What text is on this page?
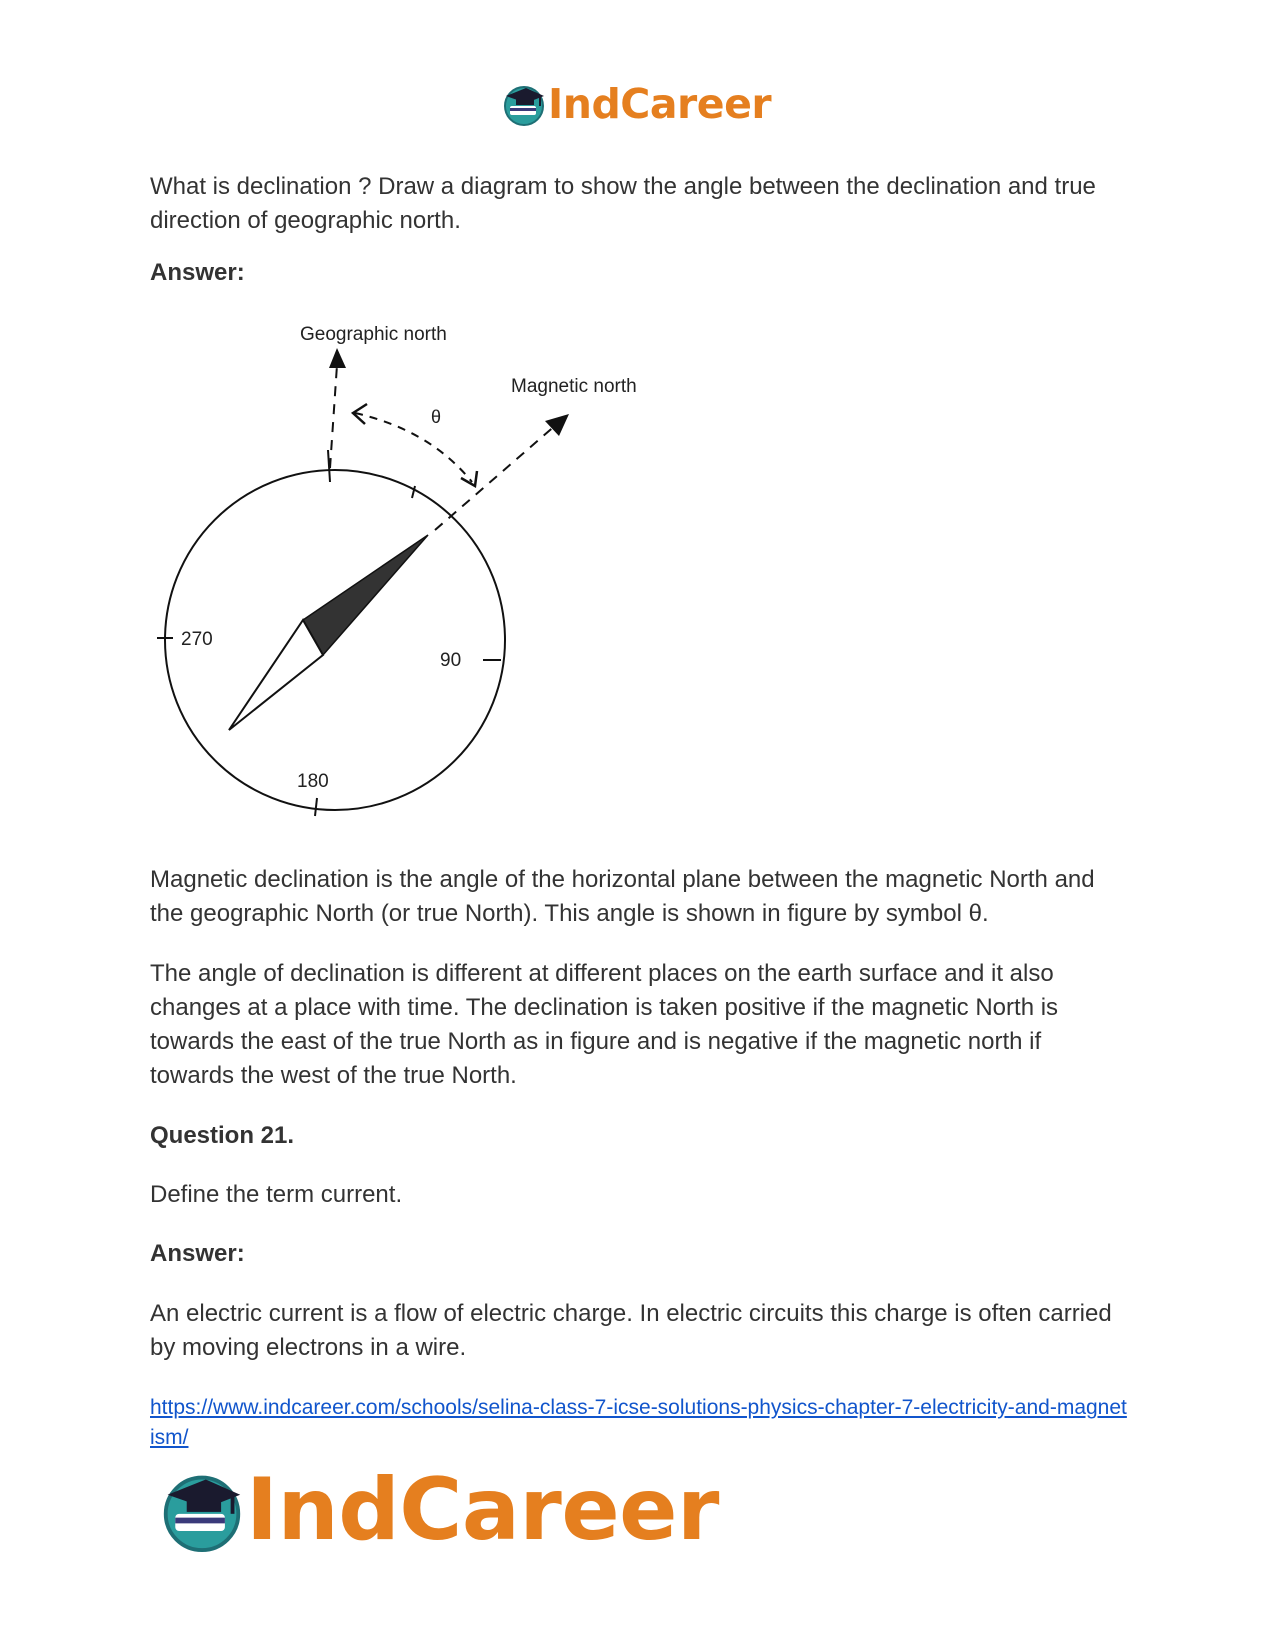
IndCareer

What is declination ? Draw a diagram to show the angle between the declination and true direction of geographic north.

Answer:

Geographic north
Magnetic north
θ
270
90
180

Magnetic declination is the angle of the horizontal plane between the magnetic North and the geographic North (or true North). This angle is shown in figure by symbol θ.

The angle of declination is different at different places on the earth surface and it also changes at a place with time. The declination is taken positive if the magnetic North is towards the east of the true North as in figure and is negative if the magnetic north if towards the west of the true North.

Question 21.

Define the term current.

Answer:

An electric current is a flow of electric charge. In electric circuits this charge is often carried by moving electrons in a wire.

https://www.indcareer.com/schools/selina-class-7-icse-solutions-physics-chapter-7-electricity-and-magnetism/
IndCareer
